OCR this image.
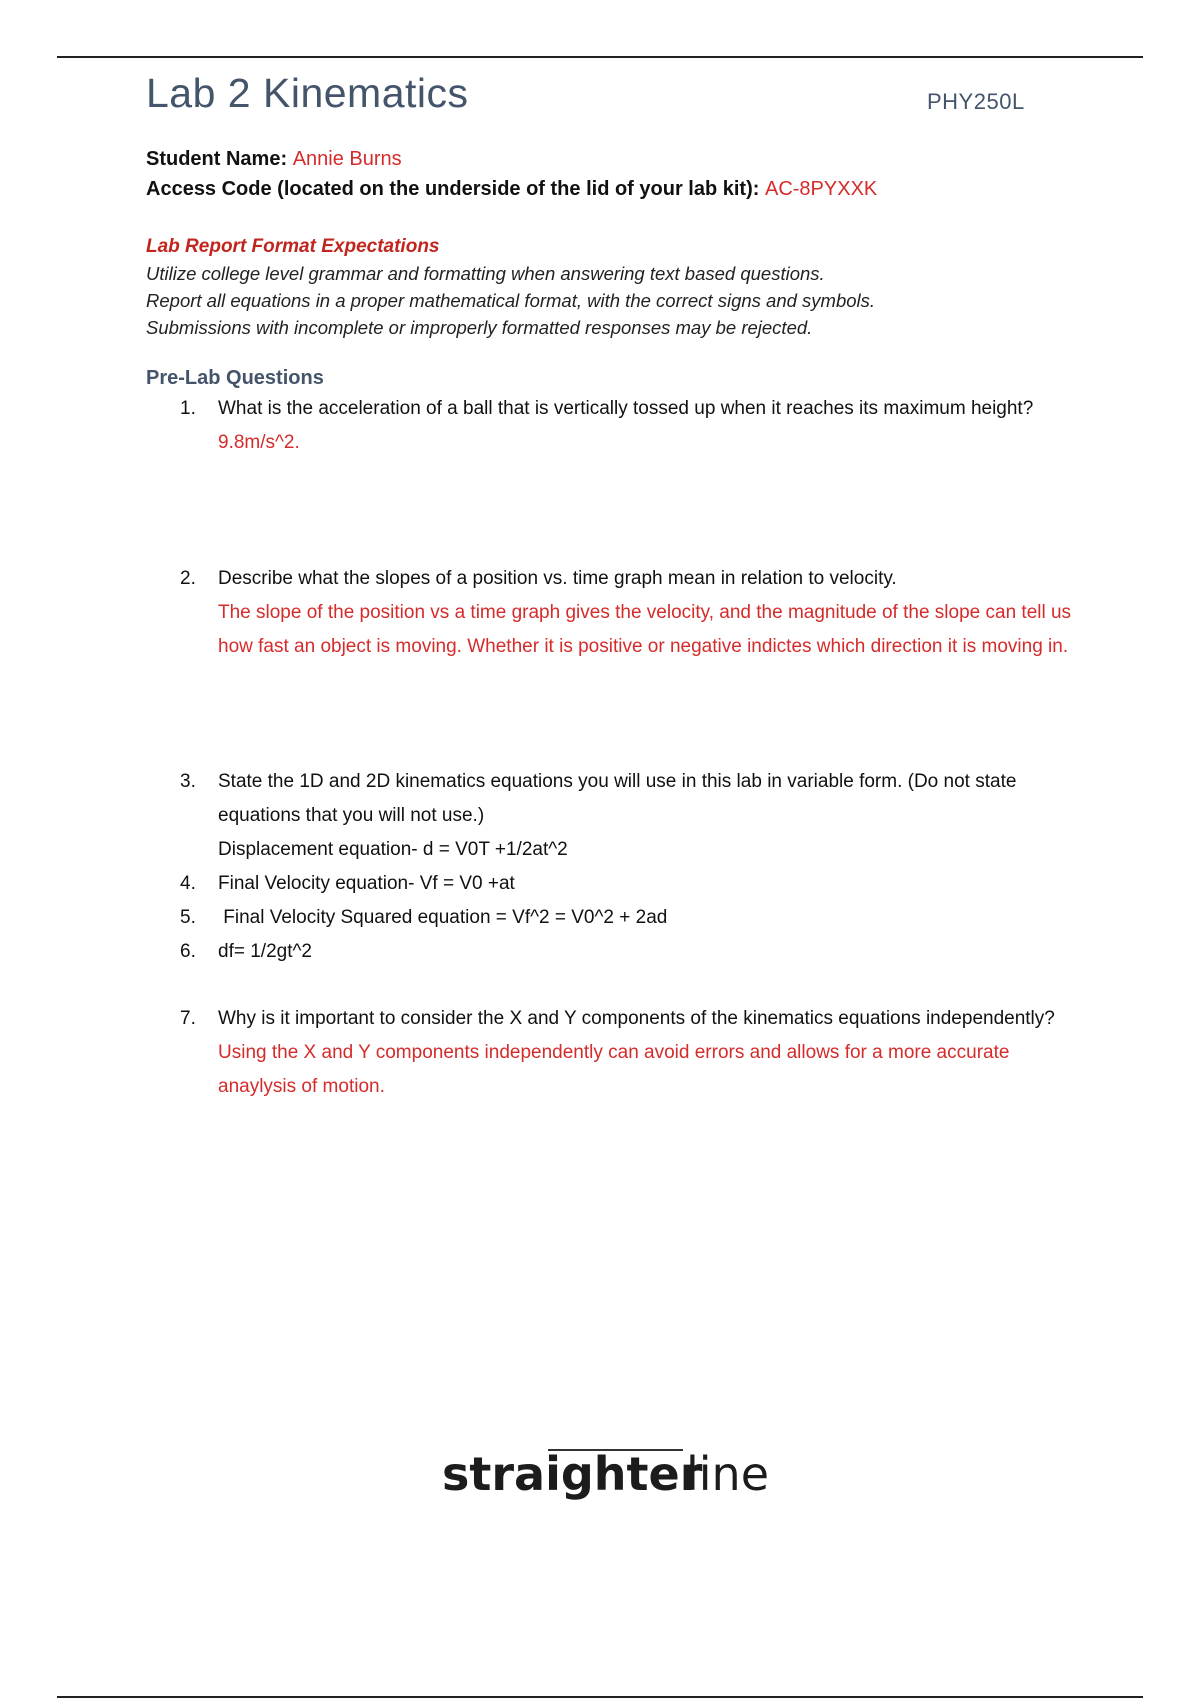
Lab 2 Kinematics	PHY250L
Student Name: Annie Burns
Access Code (located on the underside of the lid of your lab kit): AC-8PYXXK
Lab Report Format Expectations
Utilize college level grammar and formatting when answering text based questions.
Report all equations in a proper mathematical format, with the correct signs and symbols.
Submissions with incomplete or improperly formatted responses may be rejected.
Pre-Lab Questions
1.	What is the acceleration of a ball that is vertically tossed up when it reaches its maximum height?
9.8m/s^2.
2.	Describe what the slopes of a position vs. time graph mean in relation to velocity.
The slope of the position vs a time graph gives the velocity, and the magnitude of the slope can tell us how fast an object is moving. Whether it is positive or negative indictes which direction it is moving in.
3.	State the 1D and 2D kinematics equations you will use in this lab in variable form. (Do not state equations that you will not use.)
Displacement equation- d = V0T +1/2at^2
4.	Final Velocity equation- Vf = V0 +at
5.	Final Velocity Squared equation = Vf^2 = V0^2 + 2ad
6.	df= 1/2gt^2
7.	Why is it important to consider the X and Y components of the kinematics equations independently?
Using the X and Y components independently can avoid errors and allows for a more accurate anaylysis of motion.
straighter
line
